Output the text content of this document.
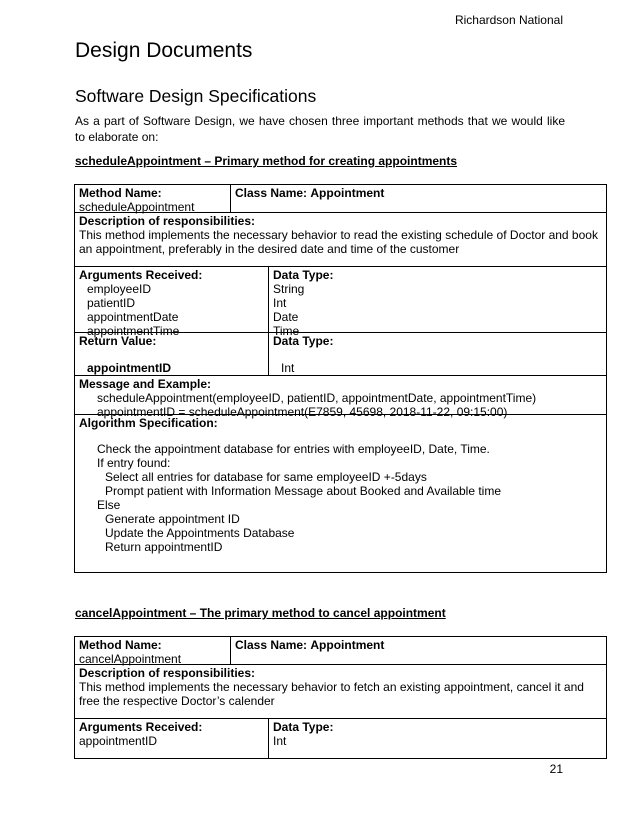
Richardson National
Design Documents
Software Design Specifications
As a part of Software Design, we have chosen three important methods that we would like to elaborate on:
scheduleAppointment – Primary method for creating appointments
Method Name:
scheduleAppointment
Class Name: Appointment
Description of responsibilities:
This method implements the necessary behavior to read the existing schedule of Doctor and book an appointment, preferably in the desired date and time of the customer
Arguments Received:
employeeID
patientID
appointmentDate
appointmentTime
Data Type:
String
Int
Date
Time
Return Value:
appointmentID
Data Type:
Int
Message and Example:
scheduleAppointment(employeeID, patientID, appointmentDate, appointmentTime)
appointmentID = scheduleAppointment(E7859, 45698, 2018-11-22, 09:15:00)
Algorithm Specification:
Check the appointment database for entries with employeeID, Date, Time.
If entry found:
Select all entries for database for same employeeID +-5days
Prompt patient with Information Message about Booked and Available time
Else
Generate appointment ID
Update the Appointments Database
Return appointmentID
cancelAppointment – The primary method to cancel appointment
Method Name:
cancelAppointment
Class Name: Appointment
Description of responsibilities:
This method implements the necessary behavior to fetch an existing appointment, cancel it and free the respective Doctor’s calender
Arguments Received:
appointmentID
Data Type:
Int
21
